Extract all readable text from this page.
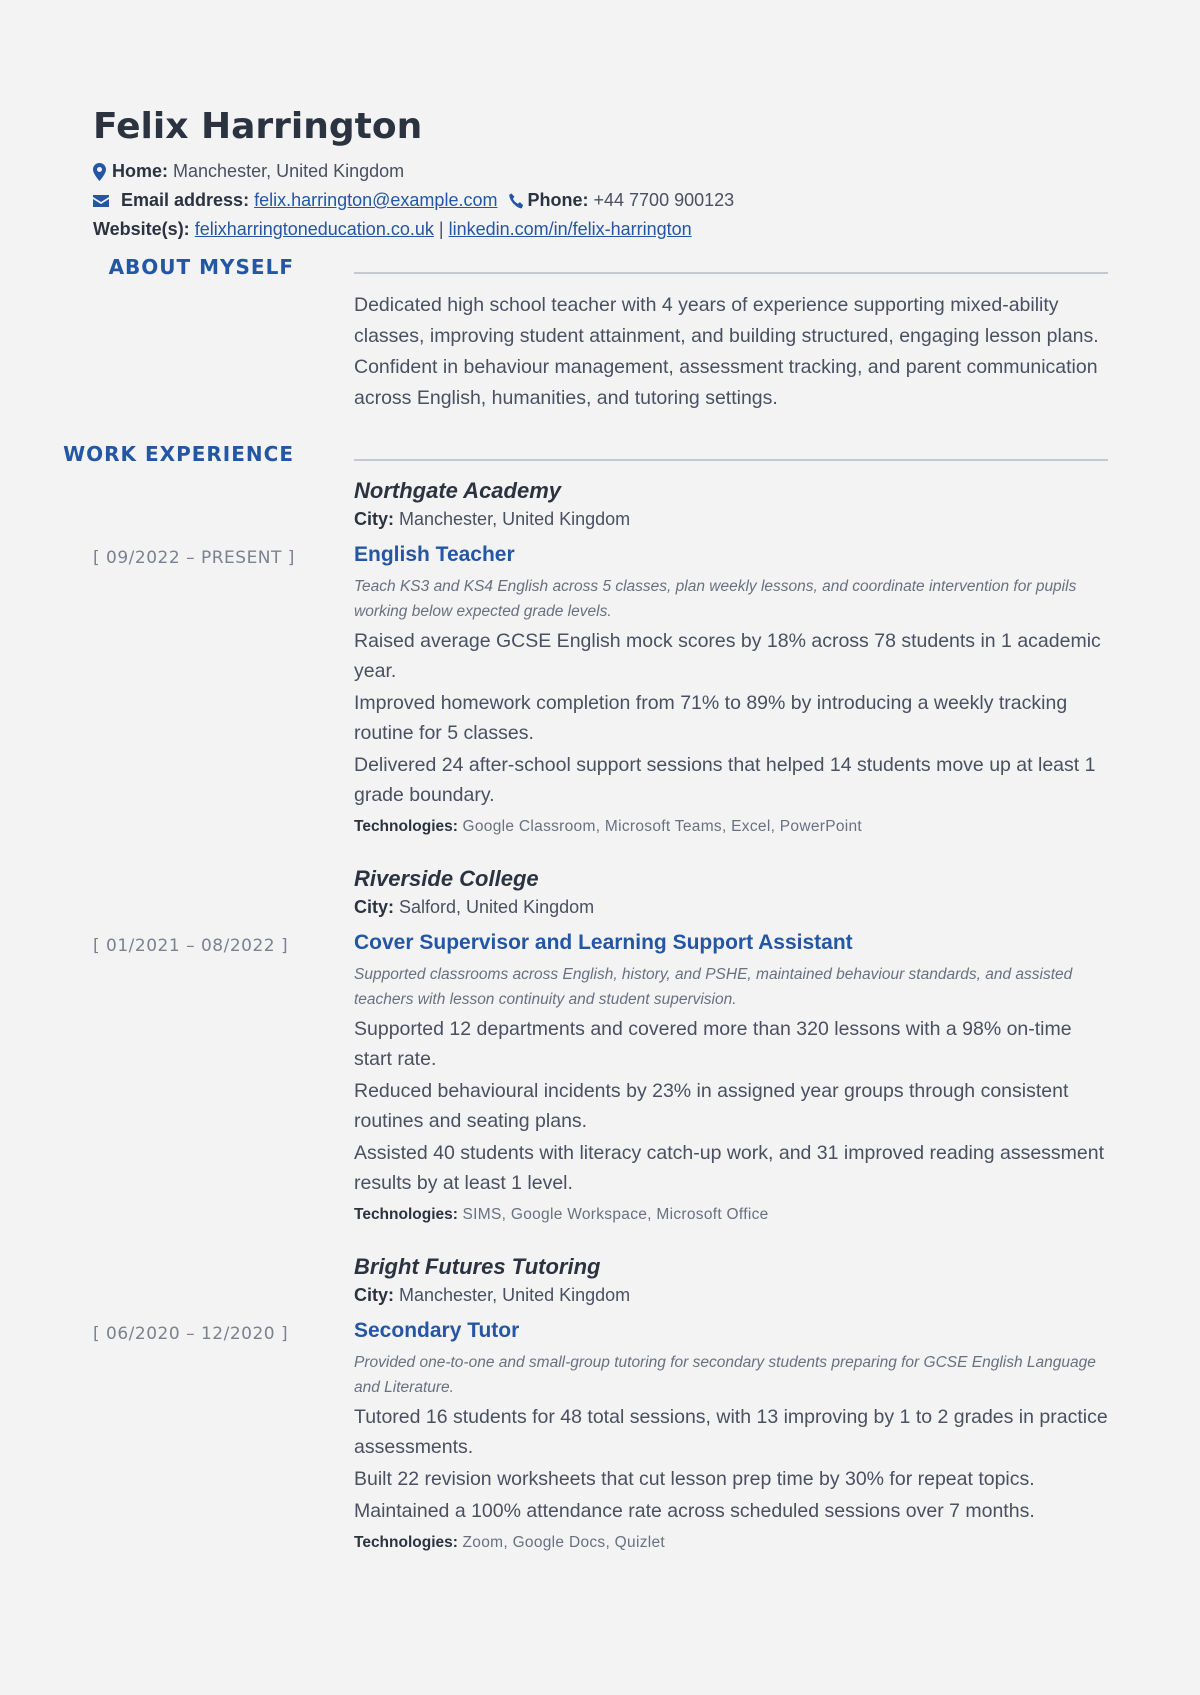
Felix Harrington
Home: Manchester, United Kingdom
Email address: felix.harrington@example.com Phone: +44 7700 900123
Website(s): felixharringtoneducation.co.uk | linkedin.com/in/felix-harrington
ABOUT MYSELF

Dedicated high school teacher with 4 years of experience supporting mixed-ability classes, improving student attainment, and building structured, engaging lesson plans. Confident in behaviour management, assessment tracking, and parent communication across English, humanities, and tutoring settings.

WORK EXPERIENCE
Northgate Academy
City: Manchester, United Kingdom
[ 09/2022 – PRESENT ]	English Teacher
Teach KS3 and KS4 English across 5 classes, plan weekly lessons, and coordinate intervention for pupils working below expected grade levels.
Raised average GCSE English mock scores by 18% across 78 students in 1 academic year.
Improved homework completion from 71% to 89% by introducing a weekly tracking routine for 5 classes.
Delivered 24 after-school support sessions that helped 14 students move up at least 1 grade boundary.
Technologies: Google Classroom, Microsoft Teams, Excel, PowerPoint
Riverside College
City: Salford, United Kingdom
[ 01/2021 – 08/2022 ]	Cover Supervisor and Learning Support Assistant
Supported classrooms across English, history, and PSHE, maintained behaviour standards, and assisted teachers with lesson continuity and student supervision.
Supported 12 departments and covered more than 320 lessons with a 98% on-time start rate.
Reduced behavioural incidents by 23% in assigned year groups through consistent routines and seating plans.
Assisted 40 students with literacy catch-up work, and 31 improved reading assessment results by at least 1 level.
Technologies: SIMS, Google Workspace, Microsoft Office
Bright Futures Tutoring
City: Manchester, United Kingdom
[ 06/2020 – 12/2020 ]	Secondary Tutor
Provided one-to-one and small-group tutoring for secondary students preparing for GCSE English Language and Literature.
Tutored 16 students for 48 total sessions, with 13 improving by 1 to 2 grades in practice assessments.
Built 22 revision worksheets that cut lesson prep time by 30% for repeat topics.
Maintained a 100% attendance rate across scheduled sessions over 7 months.
Technologies: Zoom, Google Docs, Quizlet
